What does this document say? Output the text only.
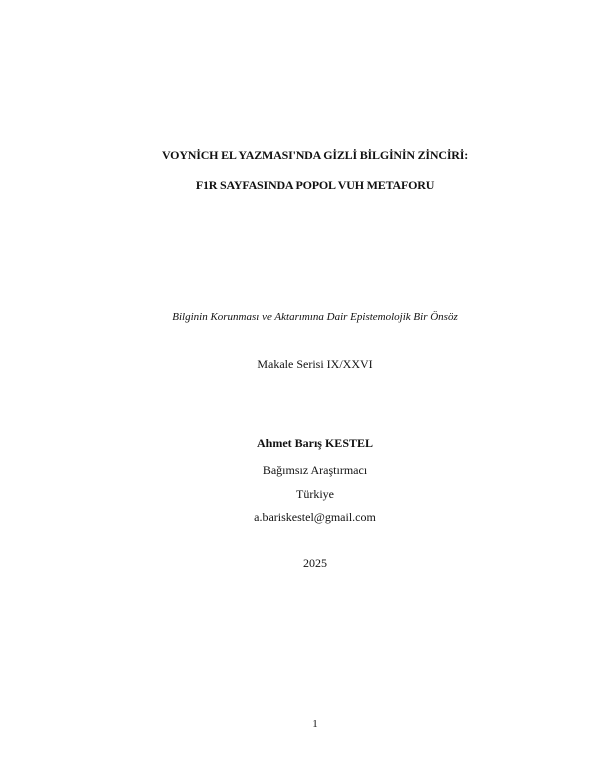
VOYNİCH EL YAZMASI'NDA GİZLİ BİLGİNİN ZİNCİRİ:
F1R SAYFASINDA POPOL VUH METAFORU
Bilginin Korunması ve Aktarımına Dair Epistemolojik Bir Önsöz
Makale Serisi IX/XXVI
Ahmet Barış KESTEL
Bağımsız Araştırmacı
Türkiye
a.bariskestel@gmail.com
2025
1
